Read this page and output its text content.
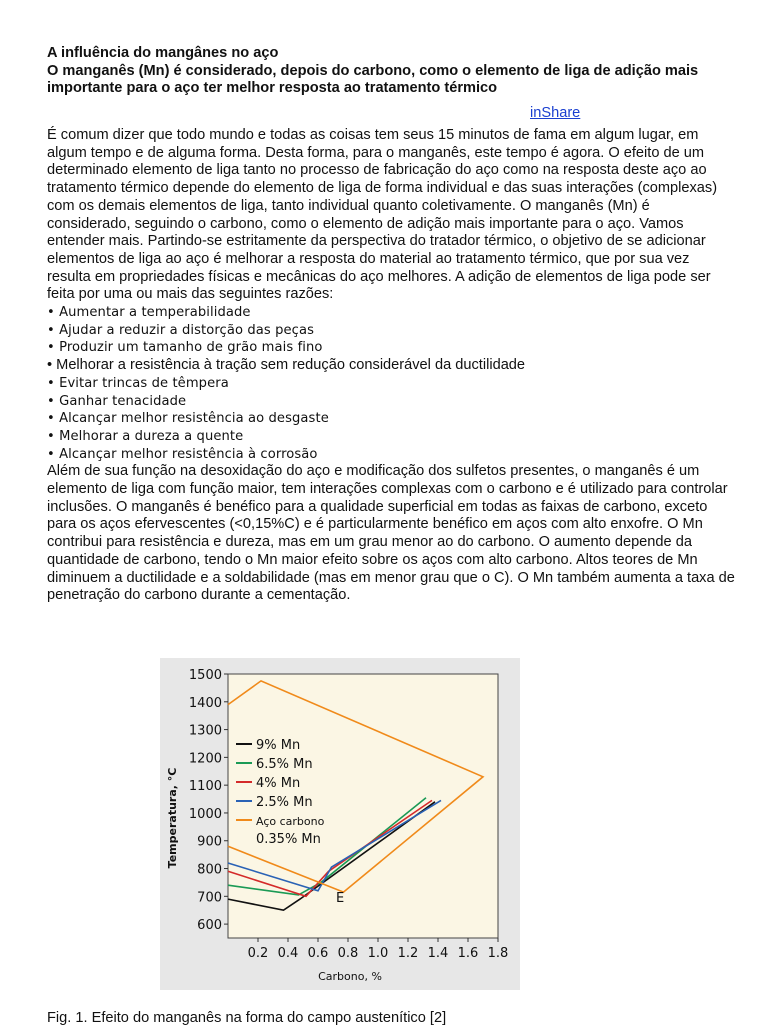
A influência do mangânes no aço
O manganês (Mn) é considerado, depois do carbono, como o elemento de liga de adição mais importante para o aço ter melhor resposta ao tratamento térmico

inShare

É comum dizer que todo mundo e todas as coisas tem seus 15 minutos de fama em algum lugar, em algum tempo e de alguma forma. Desta forma, para o manganês, este tempo é agora. O efeito de um determinado elemento de liga tanto no processo de fabricação do aço como na resposta deste aço ao tratamento térmico depende do elemento de liga de forma individual e das suas interações (complexas) com os demais elementos de liga, tanto individual quanto coletivamente. O manganês (Mn) é considerado, seguindo o carbono, como o elemento de adição mais importante para o aço. Vamos entender mais. Partindo-se estritamente da perspectiva do tratador térmico, o objetivo de se adicionar elementos de liga ao aço é melhorar a resposta do material ao tratamento térmico, que por sua vez resulta em propriedades físicas e mecânicas do aço melhores. A adição de elementos de liga pode ser feita por uma ou mais das seguintes razões:

• Aumentar a temperabilidade
• Ajudar a reduzir a distorção das peças
• Produzir um tamanho de grão mais fino
• Melhorar a resistência à tração sem redução considerável da ductilidade
• Evitar trincas de têmpera
• Ganhar tenacidade
• Alcançar melhor resistência ao desgaste
• Melhorar a dureza a quente
• Alcançar melhor resistência à corrosão

Além de sua função na desoxidação do aço e modificação dos sulfetos presentes, o manganês é um elemento de liga com função maior, tem interações complexas com o carbono e é utilizado para controlar inclusões. O manganês é benéfico para a qualidade superficial em todas as faixas de carbono, exceto para os aços efervescentes (<0,15%C) e é particularmente benéfico em aços com alto enxofre. O Mn contribui para resistência e dureza, mas em um grau menor ao do carbono. O aumento depende da quantidade de carbono, tendo o Mn maior efeito sobre os aços com alto carbono. Altos teores de Mn diminuem a ductilidade e a soldabilidade (mas em menor grau que o C). O Mn também aumenta a taxa de penetração do carbono durante a cementação.

1500
1400
1300
1200
1100
1000
900
800
700
600
0.2 0.4 0.6 0.8 1.0 1.2 1.4 1.6 1.8
E
Temperatura, °C
Carbono, %
9% Mn
6.5% Mn
4% Mn
2.5% Mn
Aço carbono
0.35% Mn

Fig. 1. Efeito do manganês na forma do campo austenítico [2]
